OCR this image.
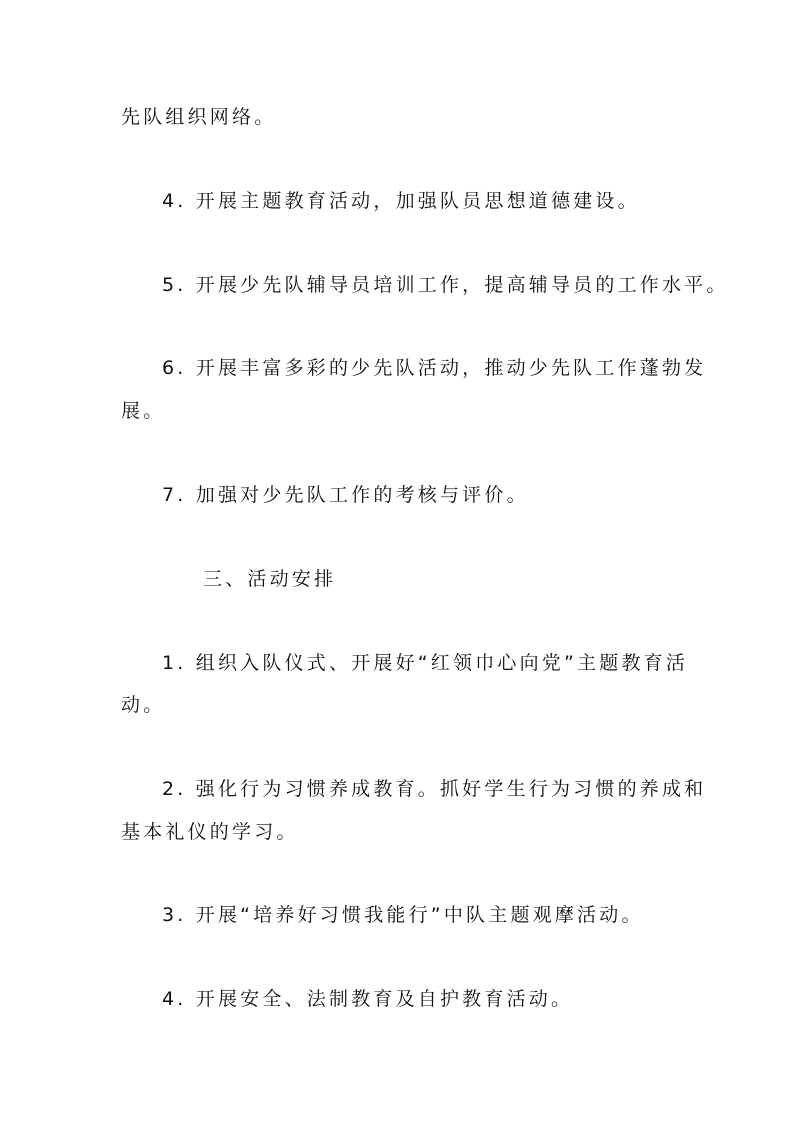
先队组织网络。
4. 开展主题教育活动，加强队员思想道德建设。
5. 开展少先队辅导员培训工作，提高辅导员的工作水平。
6. 开展丰富多彩的少先队活动，推动少先队工作蓬勃发
展。
7. 加强对少先队工作的考核与评价。
三、活动安排
1. 组织入队仪式、开展好“红领巾心向党”主题教育活
动。
2. 强化行为习惯养成教育。抓好学生行为习惯的养成和
基本礼仪的学习。
3. 开展“培养好习惯我能行”中队主题观摩活动。
4. 开展安全、法制教育及自护教育活动。
